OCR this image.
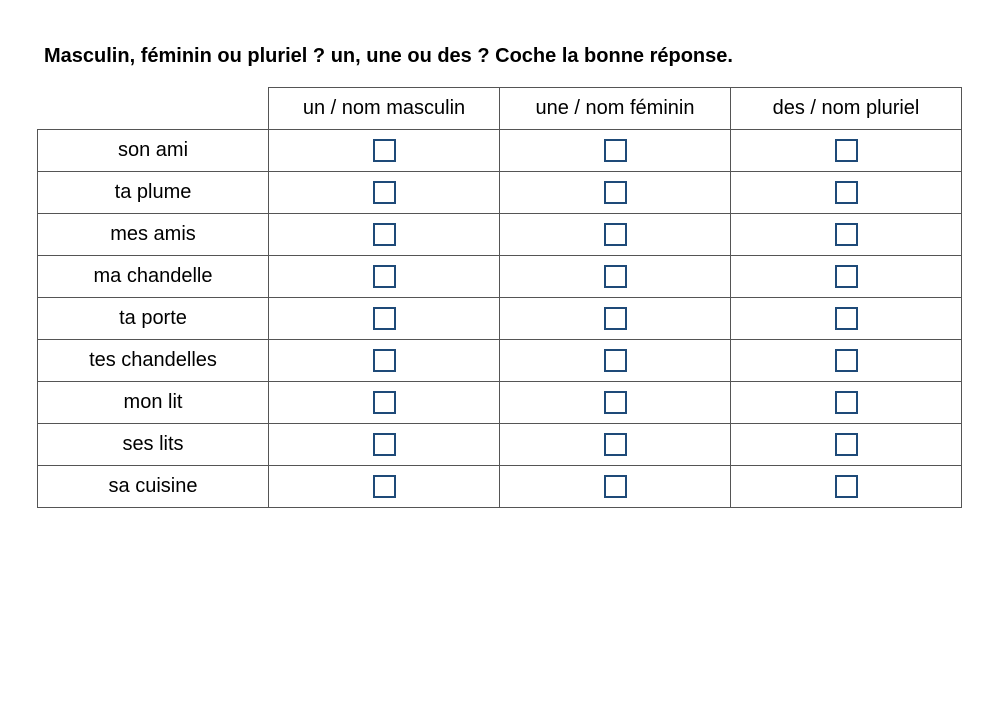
Masculin, féminin ou pluriel ? un, une ou des ? Coche la bonne réponse.
	un / nom masculin	une / nom féminin	des / nom pluriel
son ami			
ta plume			
mes amis			
ma chandelle			
ta porte			
tes chandelles			
mon lit			
ses lits			
sa cuisine			
